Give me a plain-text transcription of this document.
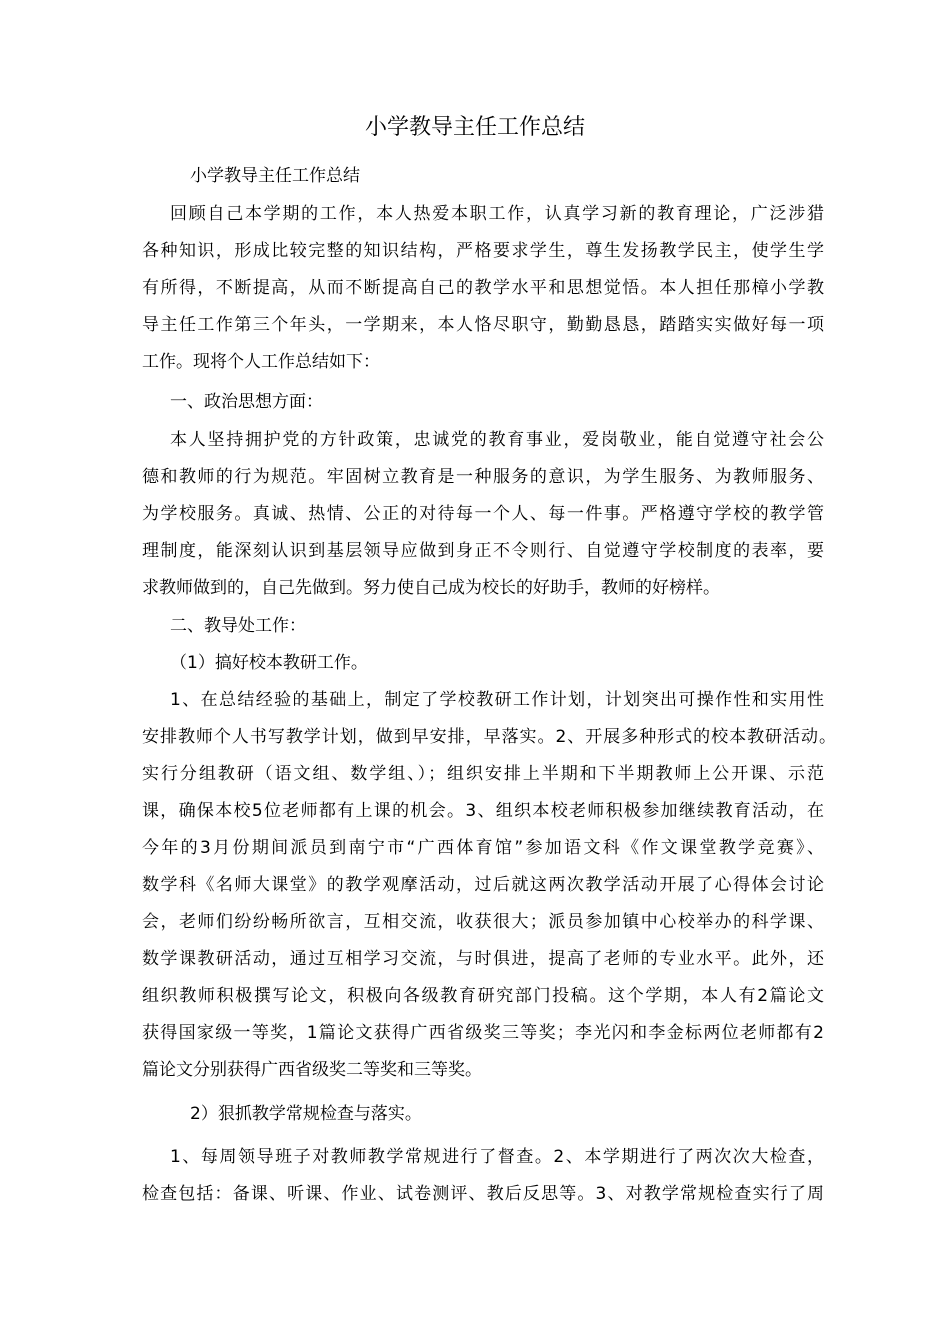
小学教导主任工作总结
小学教导主任工作总结
回顾自己本学期的工作，本人热爱本职工作，认真学习新的教育理论，广泛涉猎
各种知识，形成比较完整的知识结构，严格要求学生，尊生发扬教学民主，使学生学
有所得，不断提高，从而不断提高自己的教学水平和思想觉悟。本人担任那樟小学教
导主任工作第三个年头，一学期来，本人恪尽职守，勤勤恳恳，踏踏实实做好每一项
工作。现将个人工作总结如下：
一、政治思想方面：
本人坚持拥护党的方针政策，忠诚党的教育事业，爱岗敬业，能自觉遵守社会公
德和教师的行为规范。牢固树立教育是一种服务的意识，为学生服务、为教师服务、
为学校服务。真诚、热情、公正的对待每一个人、每一件事。严格遵守学校的教学管
理制度，能深刻认识到基层领导应做到身正不令则行、自觉遵守学校制度的表率，要
求教师做到的，自己先做到。努力使自己成为校长的好助手，教师的好榜样。
二、教导处工作：
（1）搞好校本教研工作。
1、在总结经验的基础上，制定了学校教研工作计划，计划突出可操作性和实用性
安排教师个人书写教学计划，做到早安排，早落实。2、开展多种形式的校本教研活动。
实行分组教研（语文组、数学组、）；组织安排上半期和下半期教师上公开课、示范
课，确保本校5位老师都有上课的机会。3、组织本校老师积极参加继续教育活动，在
今年的3月份期间派员到南宁市“广西体育馆”参加语文科《作文课堂教学竞赛》、
数学科《名师大课堂》的教学观摩活动，过后就这两次教学活动开展了心得体会讨论
会，老师们纷纷畅所欲言，互相交流，收获很大；派员参加镇中心校举办的科学课、
数学课教研活动，通过互相学习交流，与时俱进，提高了老师的专业水平。此外，还
组织教师积极撰写论文，积极向各级教育研究部门投稿。这个学期，本人有2篇论文
获得国家级一等奖，1篇论文获得广西省级奖三等奖；李光闪和李金标两位老师都有2
篇论文分别获得广西省级奖二等奖和三等奖。
2）狠抓教学常规检查与落实。
1、每周领导班子对教师教学常规进行了督查。2、本学期进行了两次次大检查，
检查包括：备课、听课、作业、试卷测评、教后反思等。3、对教学常规检查实行了周
